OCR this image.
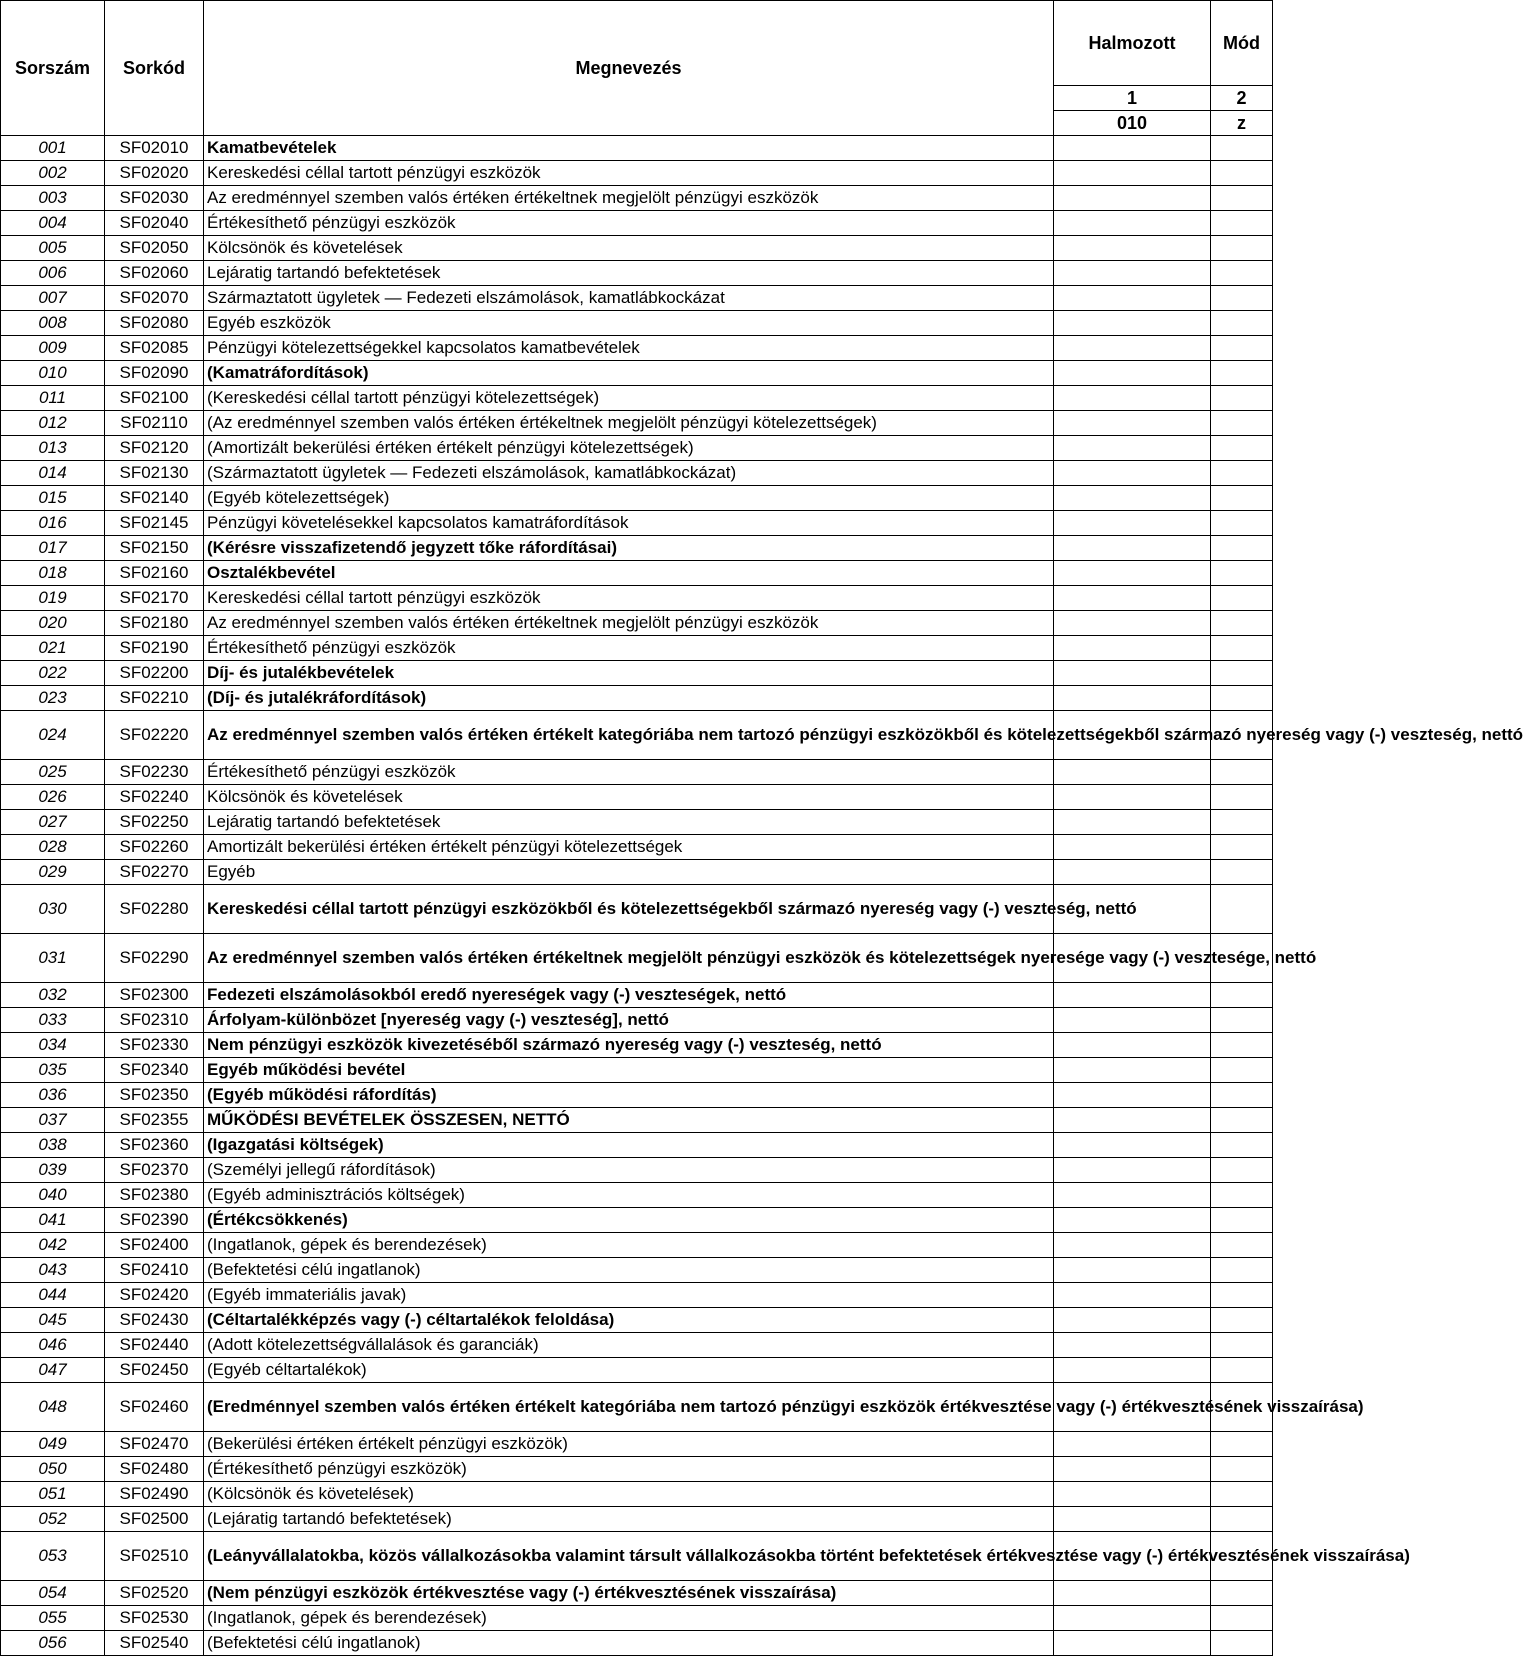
Sorszám	Sorkód	Megnevezés	Halmozott	Mód
			1	2
			010	z
001	SF02010	Kamatbevételek		
002	SF02020	Kereskedési céllal tartott pénzügyi eszközök		
003	SF02030	Az eredménnyel szemben valós értéken értékeltnek megjelölt pénzügyi eszközök		
004	SF02040	Értékesíthető pénzügyi eszközök		
005	SF02050	Kölcsönök és követelések		
006	SF02060	Lejáratig tartandó befektetések		
007	SF02070	Származtatott ügyletek — Fedezeti elszámolások, kamatlábkockázat		
008	SF02080	Egyéb eszközök		
009	SF02085	Pénzügyi kötelezettségekkel kapcsolatos kamatbevételek		
010	SF02090	(Kamatráfordítások)		
011	SF02100	(Kereskedési céllal tartott pénzügyi kötelezettségek)		
012	SF02110	(Az eredménnyel szemben valós értéken értékeltnek megjelölt pénzügyi kötelezettségek)		
013	SF02120	(Amortizált bekerülési értéken értékelt pénzügyi kötelezettségek)		
014	SF02130	(Származtatott ügyletek — Fedezeti elszámolások, kamatlábkockázat)		
015	SF02140	(Egyéb kötelezettségek)		
016	SF02145	Pénzügyi követelésekkel kapcsolatos kamatráfordítások		
017	SF02150	(Kérésre visszafizetendő jegyzett tőke ráfordításai)		
018	SF02160	Osztalékbevétel		
019	SF02170	Kereskedési céllal tartott pénzügyi eszközök		
020	SF02180	Az eredménnyel szemben valós értéken értékeltnek megjelölt pénzügyi eszközök		
021	SF02190	Értékesíthető pénzügyi eszközök		
022	SF02200	Díj- és jutalékbevételek		
023	SF02210	(Díj- és jutalékráfordítások)		
024	SF02220	Az eredménnyel szemben valós értéken értékelt kategóriába nem tartozó pénzügyi eszközökből és kötelezettségekből származó nyereség vagy (-) veszteség, nettó		
025	SF02230	Értékesíthető pénzügyi eszközök		
026	SF02240	Kölcsönök és követelések		
027	SF02250	Lejáratig tartandó befektetések		
028	SF02260	Amortizált bekerülési értéken értékelt pénzügyi kötelezettségek		
029	SF02270	Egyéb		
030	SF02280	Kereskedési céllal tartott pénzügyi eszközökből és kötelezettségekből származó nyereség vagy (-) veszteség, nettó		
031	SF02290	Az eredménnyel szemben valós értéken értékeltnek megjelölt pénzügyi eszközök és kötelezettségek nyeresége vagy (-) vesztesége, nettó		
032	SF02300	Fedezeti elszámolásokból eredő nyereségek vagy (-) veszteségek, nettó		
033	SF02310	Árfolyam-különbözet [nyereség vagy (-) veszteség], nettó		
034	SF02330	Nem pénzügyi eszközök kivezetéséből származó nyereség vagy (-) veszteség, nettó		
035	SF02340	Egyéb működési bevétel		
036	SF02350	(Egyéb működési ráfordítás)		
037	SF02355	MŰKÖDÉSI BEVÉTELEK ÖSSZESEN, NETTÓ		
038	SF02360	(Igazgatási költségek)		
039	SF02370	(Személyi jellegű ráfordítások)		
040	SF02380	(Egyéb adminisztrációs költségek)		
041	SF02390	(Értékcsökkenés)		
042	SF02400	(Ingatlanok, gépek és berendezések)		
043	SF02410	(Befektetési célú ingatlanok)		
044	SF02420	(Egyéb immateriális javak)		
045	SF02430	(Céltartalékképzés vagy (-) céltartalékok feloldása)		
046	SF02440	(Adott kötelezettségvállalások és garanciák)		
047	SF02450	(Egyéb céltartalékok)		
048	SF02460	(Eredménnyel szemben valós értéken értékelt kategóriába nem tartozó pénzügyi eszközök értékvesztése vagy (-) értékvesztésének visszaírása)		
049	SF02470	(Bekerülési értéken értékelt pénzügyi eszközök)		
050	SF02480	(Értékesíthető pénzügyi eszközök)		
051	SF02490	(Kölcsönök és követelések)		
052	SF02500	(Lejáratig tartandó befektetések)		
053	SF02510	(Leányvállalatokba, közös vállalkozásokba valamint társult vállalkozásokba történt befektetések értékvesztése vagy (-) értékvesztésének visszaírása)		
054	SF02520	(Nem pénzügyi eszközök értékvesztése vagy (-) értékvesztésének visszaírása)		
055	SF02530	(Ingatlanok, gépek és berendezések)		
056	SF02540	(Befektetési célú ingatlanok)		
